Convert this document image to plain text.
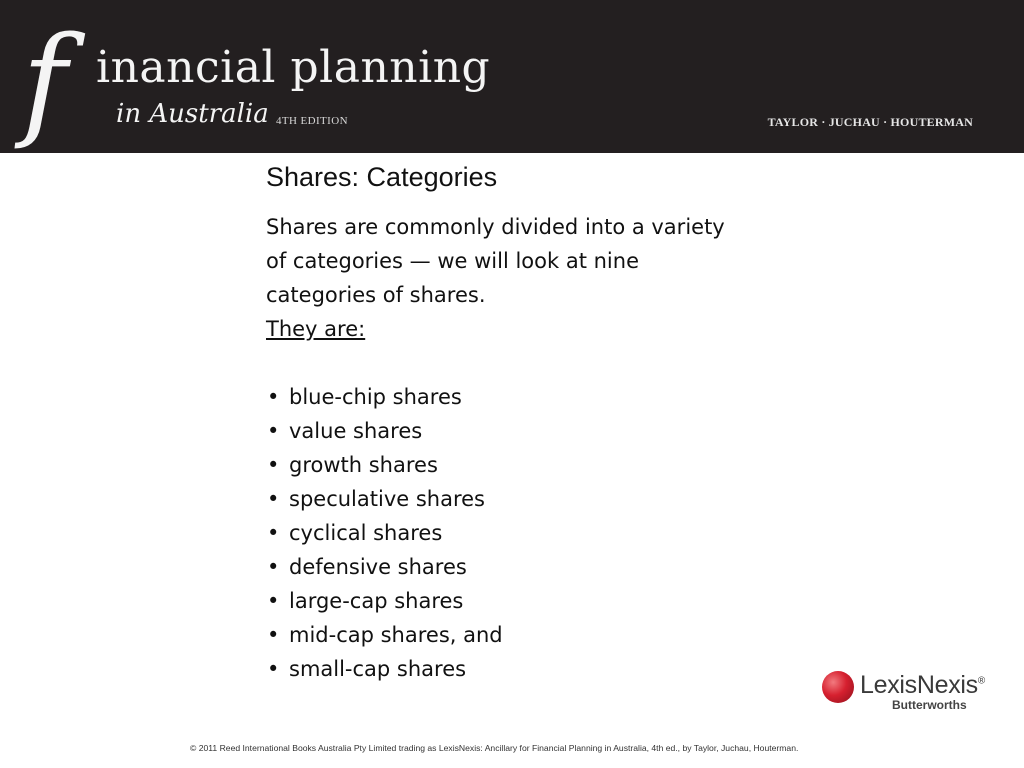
f inancial planning
in Australia 4TH EDITION	TAYLOR · JUCHAU · HOUTERMAN
Shares: Categories

Shares are commonly divided into a variety of categories — we will look at nine categories of shares.

They are:

• blue-chip shares
• value shares
• growth shares
• speculative shares
• cyclical shares
• defensive shares
• large-cap shares
• mid-cap shares, and
• small-cap shares
LexisNexis®
Butterworths
© 2011 Reed International Books Australia Pty Limited trading as LexisNexis: Ancillary for Financial Planning in Australia, 4th ed., by Taylor, Juchau, Houterman.
